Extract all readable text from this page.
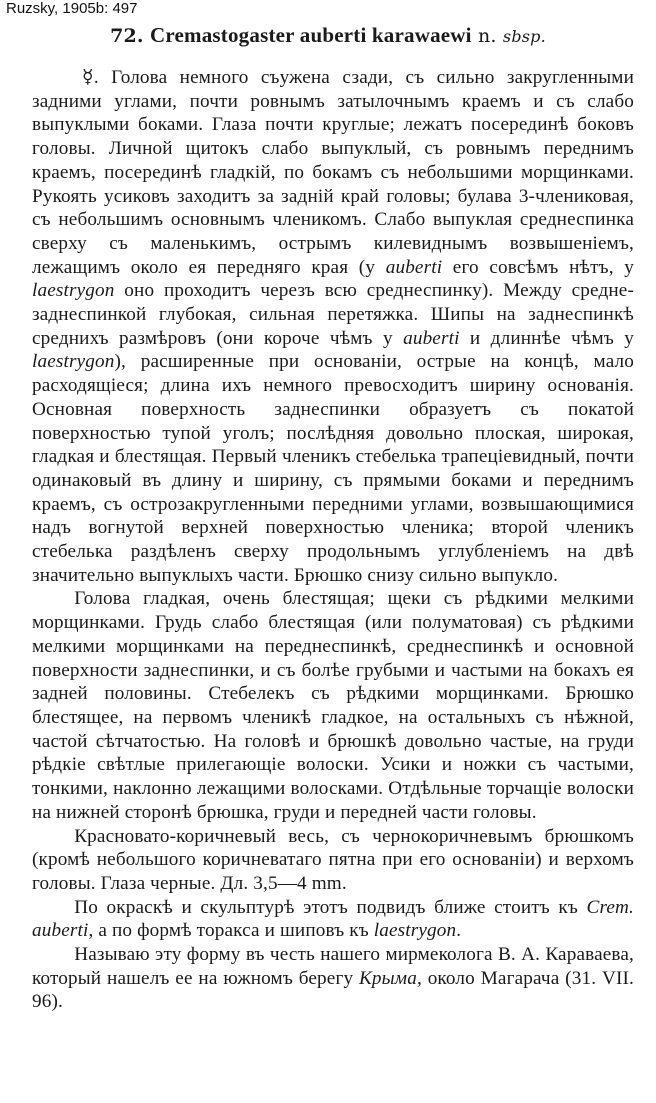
Ruzsky, 1905b: 497
72. Cremastogaster auberti karawaewi n. sbsp.

☿. Голова немного съужена сзади, съ сильно закругленными задними углами, почти ровнымъ затылочнымъ краемъ и съ слабо выпуклыми боками. Глаза почти круглые; лежатъ посерединѣ боковъ головы. Личной щитокъ слабо выпуклый, съ ровнымъ переднимъ краемъ, посерединѣ гладкій, по бокамъ съ небольшими морщинками. Рукоять усиковъ заходитъ за заднiй край головы; булава 3-члениковая, съ небольшимъ основнымъ членикомъ. Слабо выпуклая среднеспинка сверху съ маленькимъ, острымъ килевиднымъ возвышенiемъ, лежащимъ около ея передняго края (у auberti его совсѣмъ нѣтъ, у laestrygon оно проходитъ черезъ всю среднеспинку). Между средне-заднеспинкой глубокая, сильная перетяжка. Шипы на заднеспинкѣ среднихъ размѣровъ (они короче чѣмъ у auberti и длиннѣе чѣмъ у laestrygon), расширенные при основанiи, острые на концѣ, мало расходящiеся; длина ихъ немного превосходитъ ширину основанiя. Основная поверхность заднеспинки образуетъ съ покатой поверхностью тупой уголъ; послѣдняя довольно плоская, широкая, гладкая и блестящая. Первый членикъ стебелька трапецiевидный, почти одинаковый въ длину и ширину, съ прямыми боками и переднимъ краемъ, съ острозакругленными передними углами, возвышающимися надъ вогнутой верхней поверхностью членика; второй членикъ стебелька раздѣленъ сверху продольнымъ углубленiемъ на двѣ значительно выпуклыхъ части. Брюшко снизу сильно выпукло.

Голова гладкая, очень блестящая; щеки съ рѣдкими мелкими морщинками. Грудь слабо блестящая (или полуматовая) съ рѣдкими мелкими морщинками на переднеспинкѣ, среднеспинкѣ и основной поверхности заднеспинки, и съ болѣе грубыми и частыми на бокахъ ея задней половины. Стебелекъ съ рѣдкими морщинками. Брюшко блестящее, на первомъ членикѣ гладкое, на остальныхъ съ нѣжной, частой сѣтчатостью. На головѣ и брюшкѣ довольно частые, на груди рѣдкiе свѣтлые прилегающiе волоски. Усики и ножки съ частыми, тонкими, наклонно лежащими волосками. Отдѣльные торчащiе волоски на нижней сторонѣ брюшка, груди и передней части головы.

Красновато-коричневый весь, съ чернокоричневымъ брюшкомъ (кромѣ небольшого коричневатаго пятна при его основанiи) и верхомъ головы. Глаза черные. Дл. 3,5—4 mm.

По окраскѣ и скульптурѣ этотъ подвидъ ближе стоитъ къ Crem. auberti, а по формѣ торакса и шиповъ къ laestrygon.

Называю эту форму въ честь нашего мирмеколога В. А. Караваева, который нашелъ ее на южномъ берегу Крыма, около Магарача (31. VII. 96).
